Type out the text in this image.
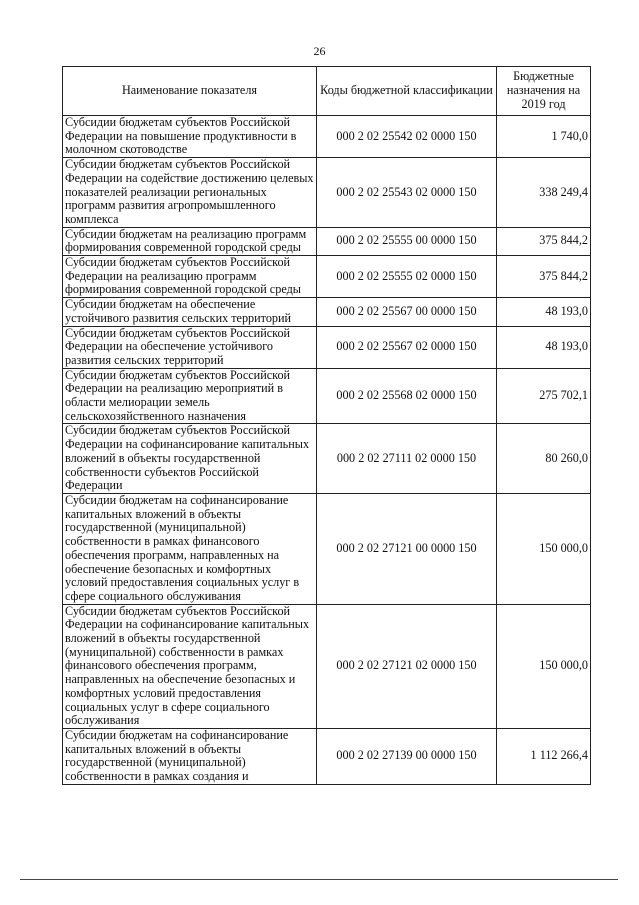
26
Наименование показателя	Коды бюджетной классификации	Бюджетные назначения на 2019 год
Субсидии бюджетам субъектов Российской Федерации на повышение продуктивности в молочном скотоводстве	000 2 02 25542 02 0000 150	1 740,0
Субсидии бюджетам субъектов Российской Федерации на содействие достижению целевых показателей реализации региональных программ развития агропромышленного комплекса	000 2 02 25543 02 0000 150	338 249,4
Субсидии бюджетам на реализацию программ формирования современной городской среды	000 2 02 25555 00 0000 150	375 844,2
Субсидии бюджетам субъектов Российской Федерации на реализацию программ формирования современной городской среды	000 2 02 25555 02 0000 150	375 844,2
Субсидии бюджетам на обеспечение устойчивого развития сельских территорий	000 2 02 25567 00 0000 150	48 193,0
Субсидии бюджетам субъектов Российской Федерации на обеспечение устойчивого развития сельских территорий	000 2 02 25567 02 0000 150	48 193,0
Субсидии бюджетам субъектов Российской Федерации на реализацию мероприятий в области мелиорации земель сельскохозяйственного назначения	000 2 02 25568 02 0000 150	275 702,1
Субсидии бюджетам субъектов Российской Федерации на софинансирование капитальных вложений в объекты государственной собственности субъектов Российской Федерации	000 2 02 27111 02 0000 150	80 260,0
Субсидии бюджетам на софинансирование капитальных вложений в объекты государственной (муниципальной) собственности в рамках финансового обеспечения программ, направленных на обеспечение безопасных и комфортных условий предоставления социальных услуг в сфере социального обслуживания	000 2 02 27121 00 0000 150	150 000,0
Субсидии бюджетам субъектов Российской Федерации на софинансирование капитальных вложений в объекты государственной (муниципальной) собственности в рамках финансового обеспечения программ, направленных на обеспечение безопасных и комфортных условий предоставления социальных услуг в сфере социального обслуживания	000 2 02 27121 02 0000 150	150 000,0
Субсидии бюджетам на софинансирование капитальных вложений в объекты государственной (муниципальной) собственности в рамках создания и	000 2 02 27139 00 0000 150	1 112 266,4
